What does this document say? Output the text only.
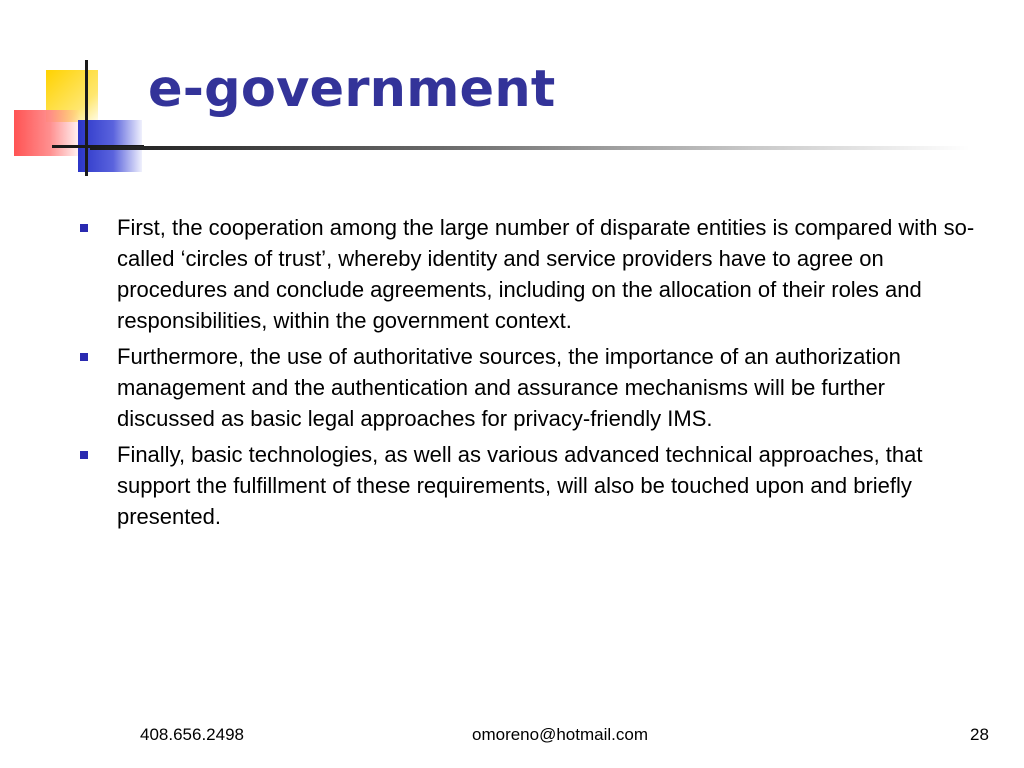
e-government
First, the cooperation among the large number of disparate entities is compared with so-called ‘circles of trust’, whereby identity and service providers have to agree on procedures and conclude agreements, including on the allocation of their roles and responsibilities, within the government context.
Furthermore, the use of authoritative sources, the importance of an authorization management and the authentication and assurance mechanisms will be further discussed as basic legal approaches for privacy-friendly IMS.
Finally, basic technologies, as well as various advanced technical approaches, that support the fulfillment of these requirements, will also be touched upon and briefly presented.
408.656.2498	omoreno@hotmail.com	28
